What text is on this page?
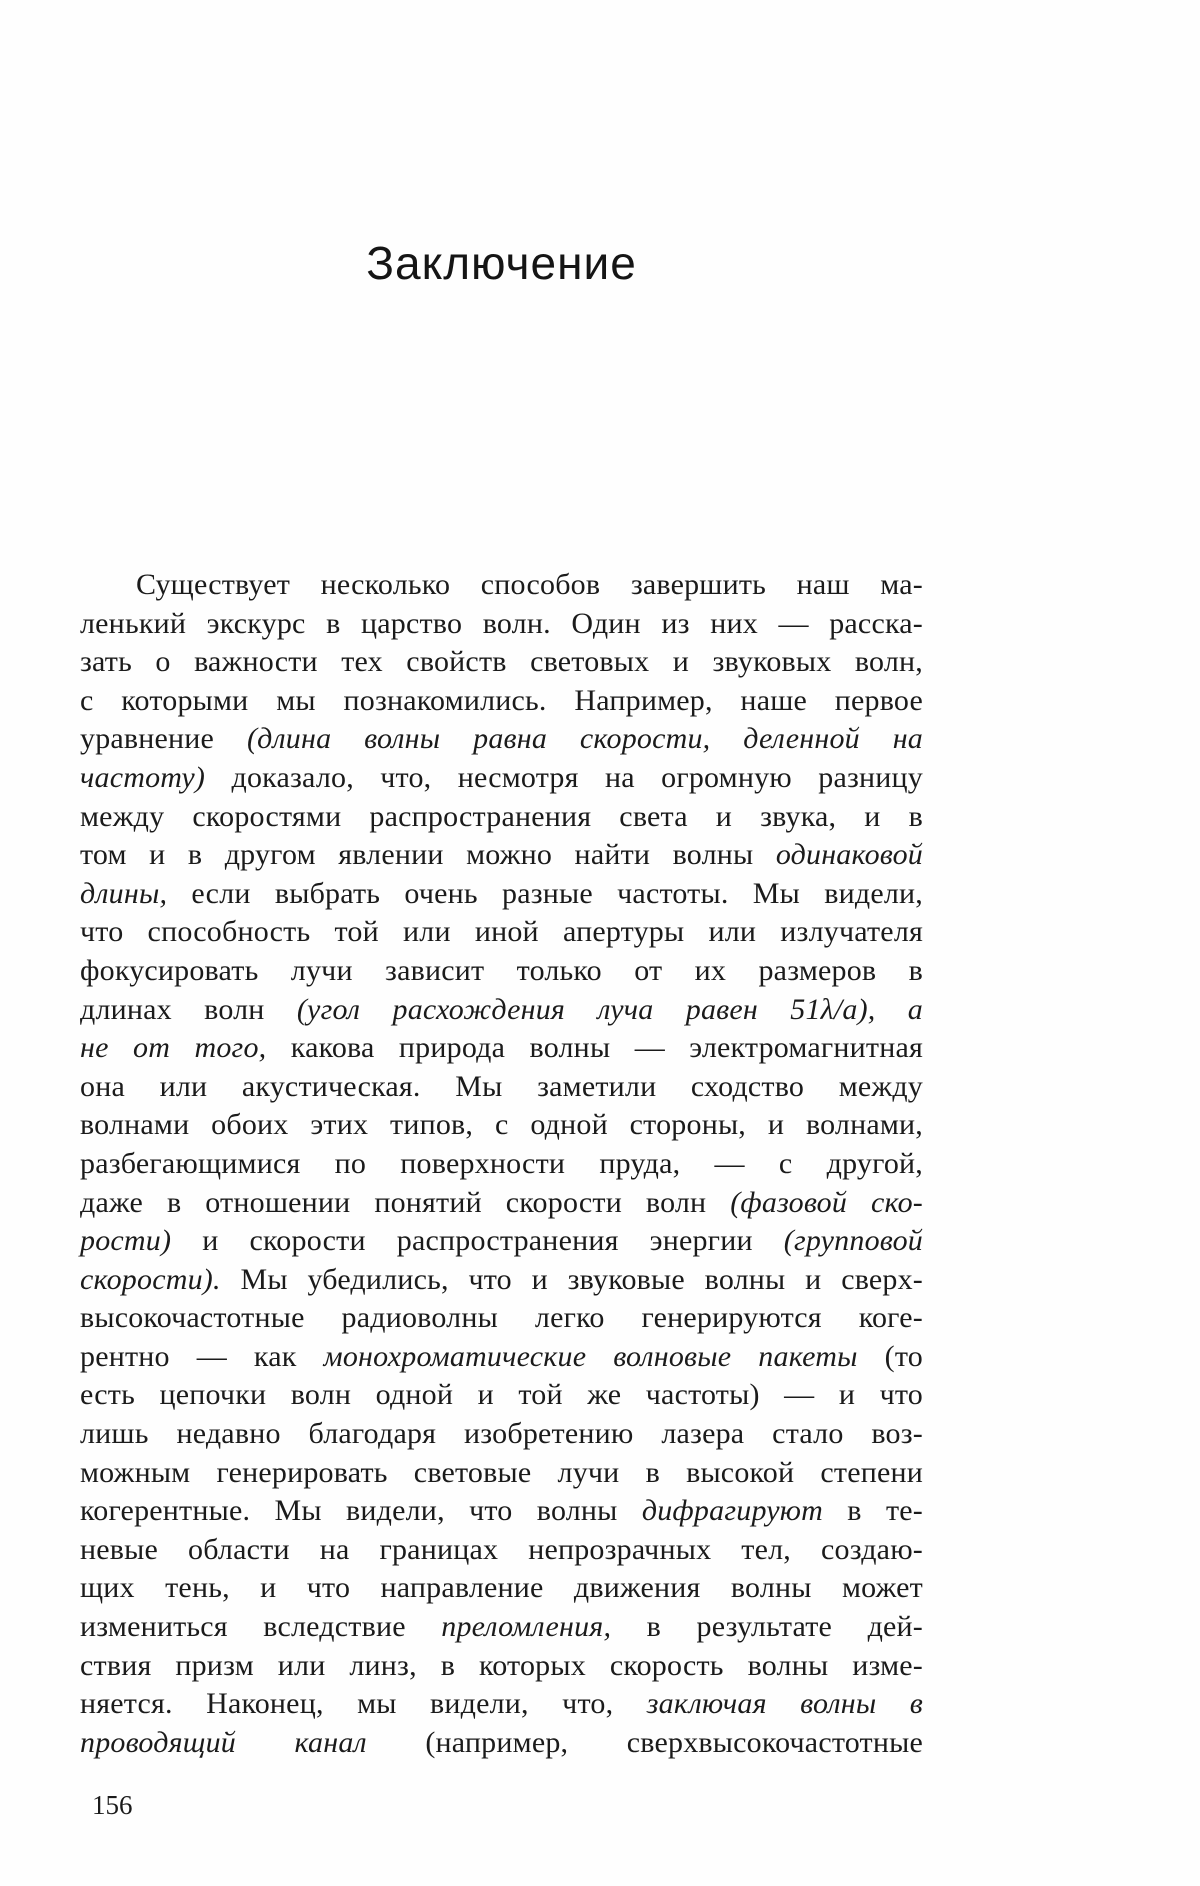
Заключение
Существует несколько способов завершить наш ма-
ленький экскурс в царство волн. Один из них — расска-
зать о важности тех свойств световых и звуковых волн,
с которыми мы познакомились. Например, наше первое
уравнение (длина волны равна скорости, деленной на
частоту) доказало, что, несмотря на огромную разницу
между скоростями распространения света и звука, и в
том и в другом явлении можно найти волны одинаковой
длины, если выбрать очень разные частоты. Мы видели,
что способность той или иной апертуры или излучателя
фокусировать лучи зависит только от их размеров в
длинах волн (угол расхождения луча равен 51λ/а), а
не от того, какова природа волны — электромагнитная
она или акустическая. Мы заметили сходство между
волнами обоих этих типов, с одной стороны, и волнами,
разбегающимися по поверхности пруда, — с другой,
даже в отношении понятий скорости волн (фазовой ско-
рости) и скорости распространения энергии (групповой
скорости). Мы убедились, что и звуковые волны и сверх-
высокочастотные радиоволны легко генерируются коге-
рентно — как монохроматические волновые пакеты (то
есть цепочки волн одной и той же частоты) — и что
лишь недавно благодаря изобретению лазера стало воз-
можным генерировать световые лучи в высокой степени
когерентные. Мы видели, что волны дифрагируют в те-
невые области на границах непрозрачных тел, создаю-
щих тень, и что направление движения волны может
измениться вследствие преломления, в результате дей-
ствия призм или линз, в которых скорость волны изме-
няется. Наконец, мы видели, что, заключая волны в
проводящий канал (например, сверхвысокочастотные
156
